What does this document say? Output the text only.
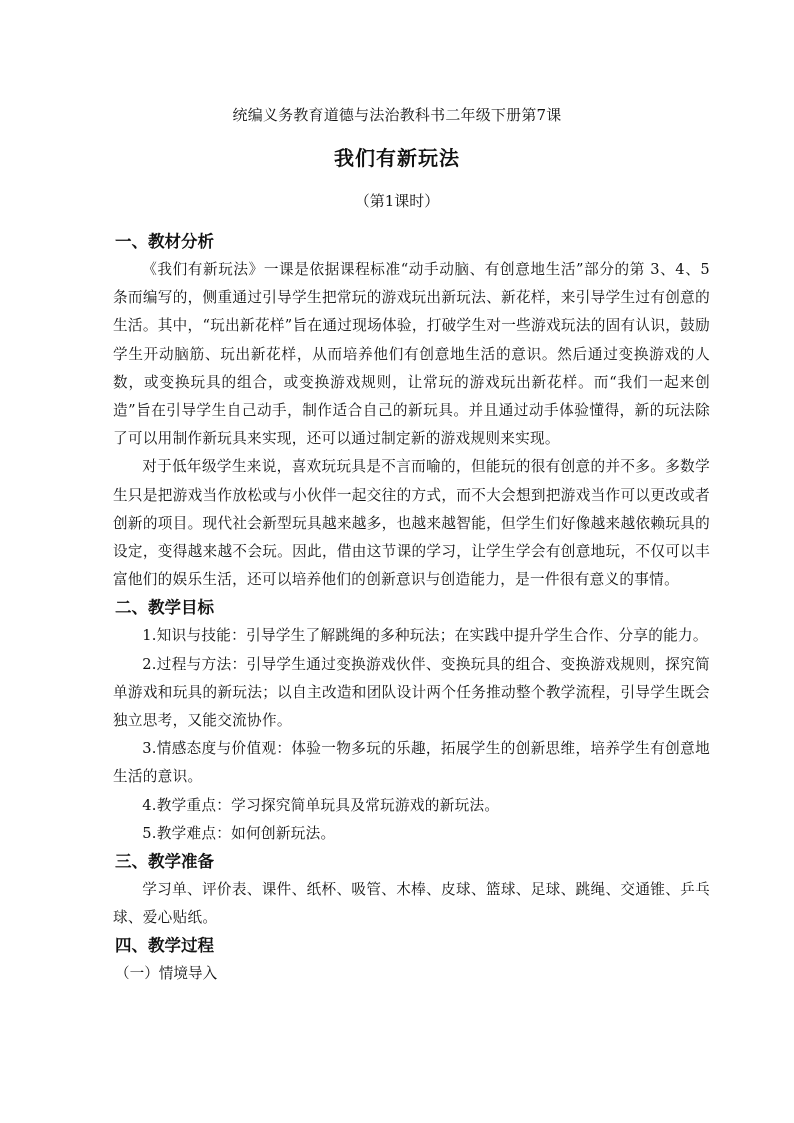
统编义务教育道德与法治教科书二年级下册第7课
我们有新玩法
（第1课时）
一、教材分析

《我们有新玩法》一课是依据课程标准“动手动脑、有创意地生活”部分的第 3、4、5条而编写的，侧重通过引导学生把常玩的游戏玩出新玩法、新花样，来引导学生过有创意的生活。其中，“玩出新花样”旨在通过现场体验，打破学生对一些游戏玩法的固有认识，鼓励学生开动脑筋、玩出新花样，从而培养他们有创意地生活的意识。然后通过变换游戏的人数，或变换玩具的组合，或变换游戏规则，让常玩的游戏玩出新花样。而“我们一起来创造”旨在引导学生自己动手，制作适合自己的新玩具。并且通过动手体验懂得，新的玩法除了可以用制作新玩具来实现，还可以通过制定新的游戏规则来实现。

对于低年级学生来说，喜欢玩玩具是不言而喻的，但能玩的很有创意的并不多。多数学生只是把游戏当作放松或与小伙伴一起交往的方式，而不大会想到把游戏当作可以更改或者创新的项目。现代社会新型玩具越来越多，也越来越智能，但学生们好像越来越依赖玩具的设定，变得越来越不会玩。因此，借由这节课的学习，让学生学会有创意地玩，不仅可以丰富他们的娱乐生活，还可以培养他们的创新意识与创造能力，是一件很有意义的事情。

二、教学目标

1.知识与技能：引导学生了解跳绳的多种玩法；在实践中提升学生合作、分享的能力。

2.过程与方法：引导学生通过变换游戏伙伴、变换玩具的组合、变换游戏规则，探究简单游戏和玩具的新玩法；以自主改造和团队设计两个任务推动整个教学流程，引导学生既会独立思考，又能交流协作。

3.情感态度与价值观：体验一物多玩的乐趣，拓展学生的创新思维，培养学生有创意地生活的意识。

4.教学重点：学习探究简单玩具及常玩游戏的新玩法。

5.教学难点：如何创新玩法。

三、教学准备

学习单、评价表、课件、纸杯、吸管、木棒、皮球、篮球、足球、跳绳、交通锥、乒乓球、爱心贴纸。

四、教学过程

（一）情境导入
